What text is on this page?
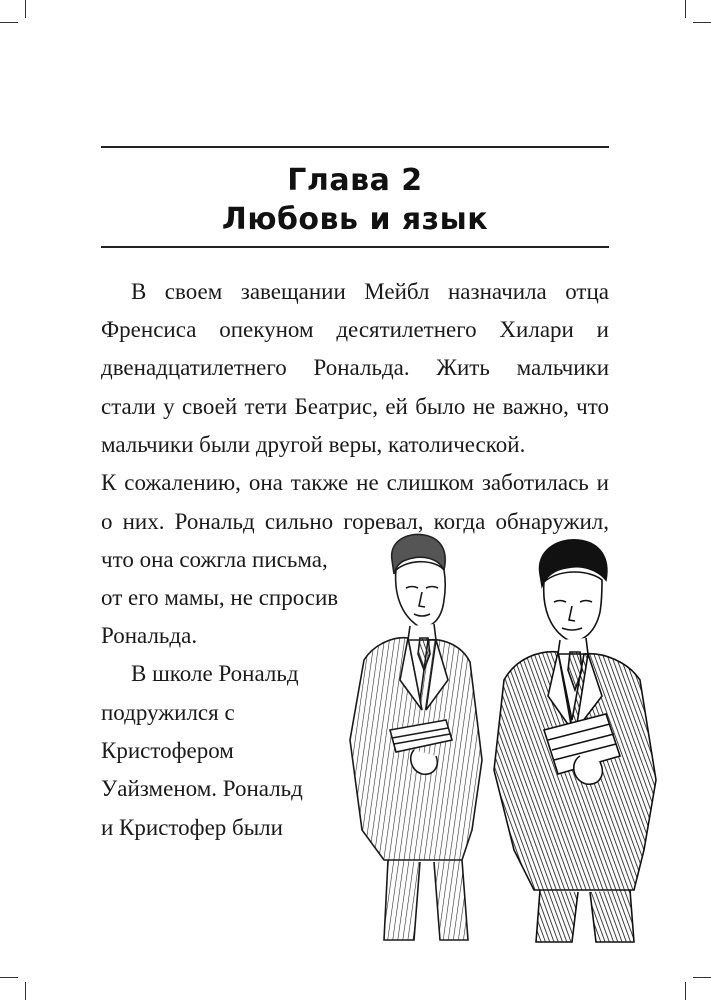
Глава 2
Любовь и язык
В своем завещании Мейбл назначила отца
Френсиса опекуном десятилетнего Хилари и
двенадцатилетнего Рональда. Жить мальчики
стали у своей тети Беатрис, ей было не важно, что
мальчики были другой веры, католической.
К сожалению, она также не слишком заботилась и
о них. Рональд сильно горевал, когда обнаружил,
что она сожгла письма,
от его мамы, не спросив
Рональда.
В школе Рональд
подружился с
Кристофером
Уайзменом. Рональд
и Кристофер были
